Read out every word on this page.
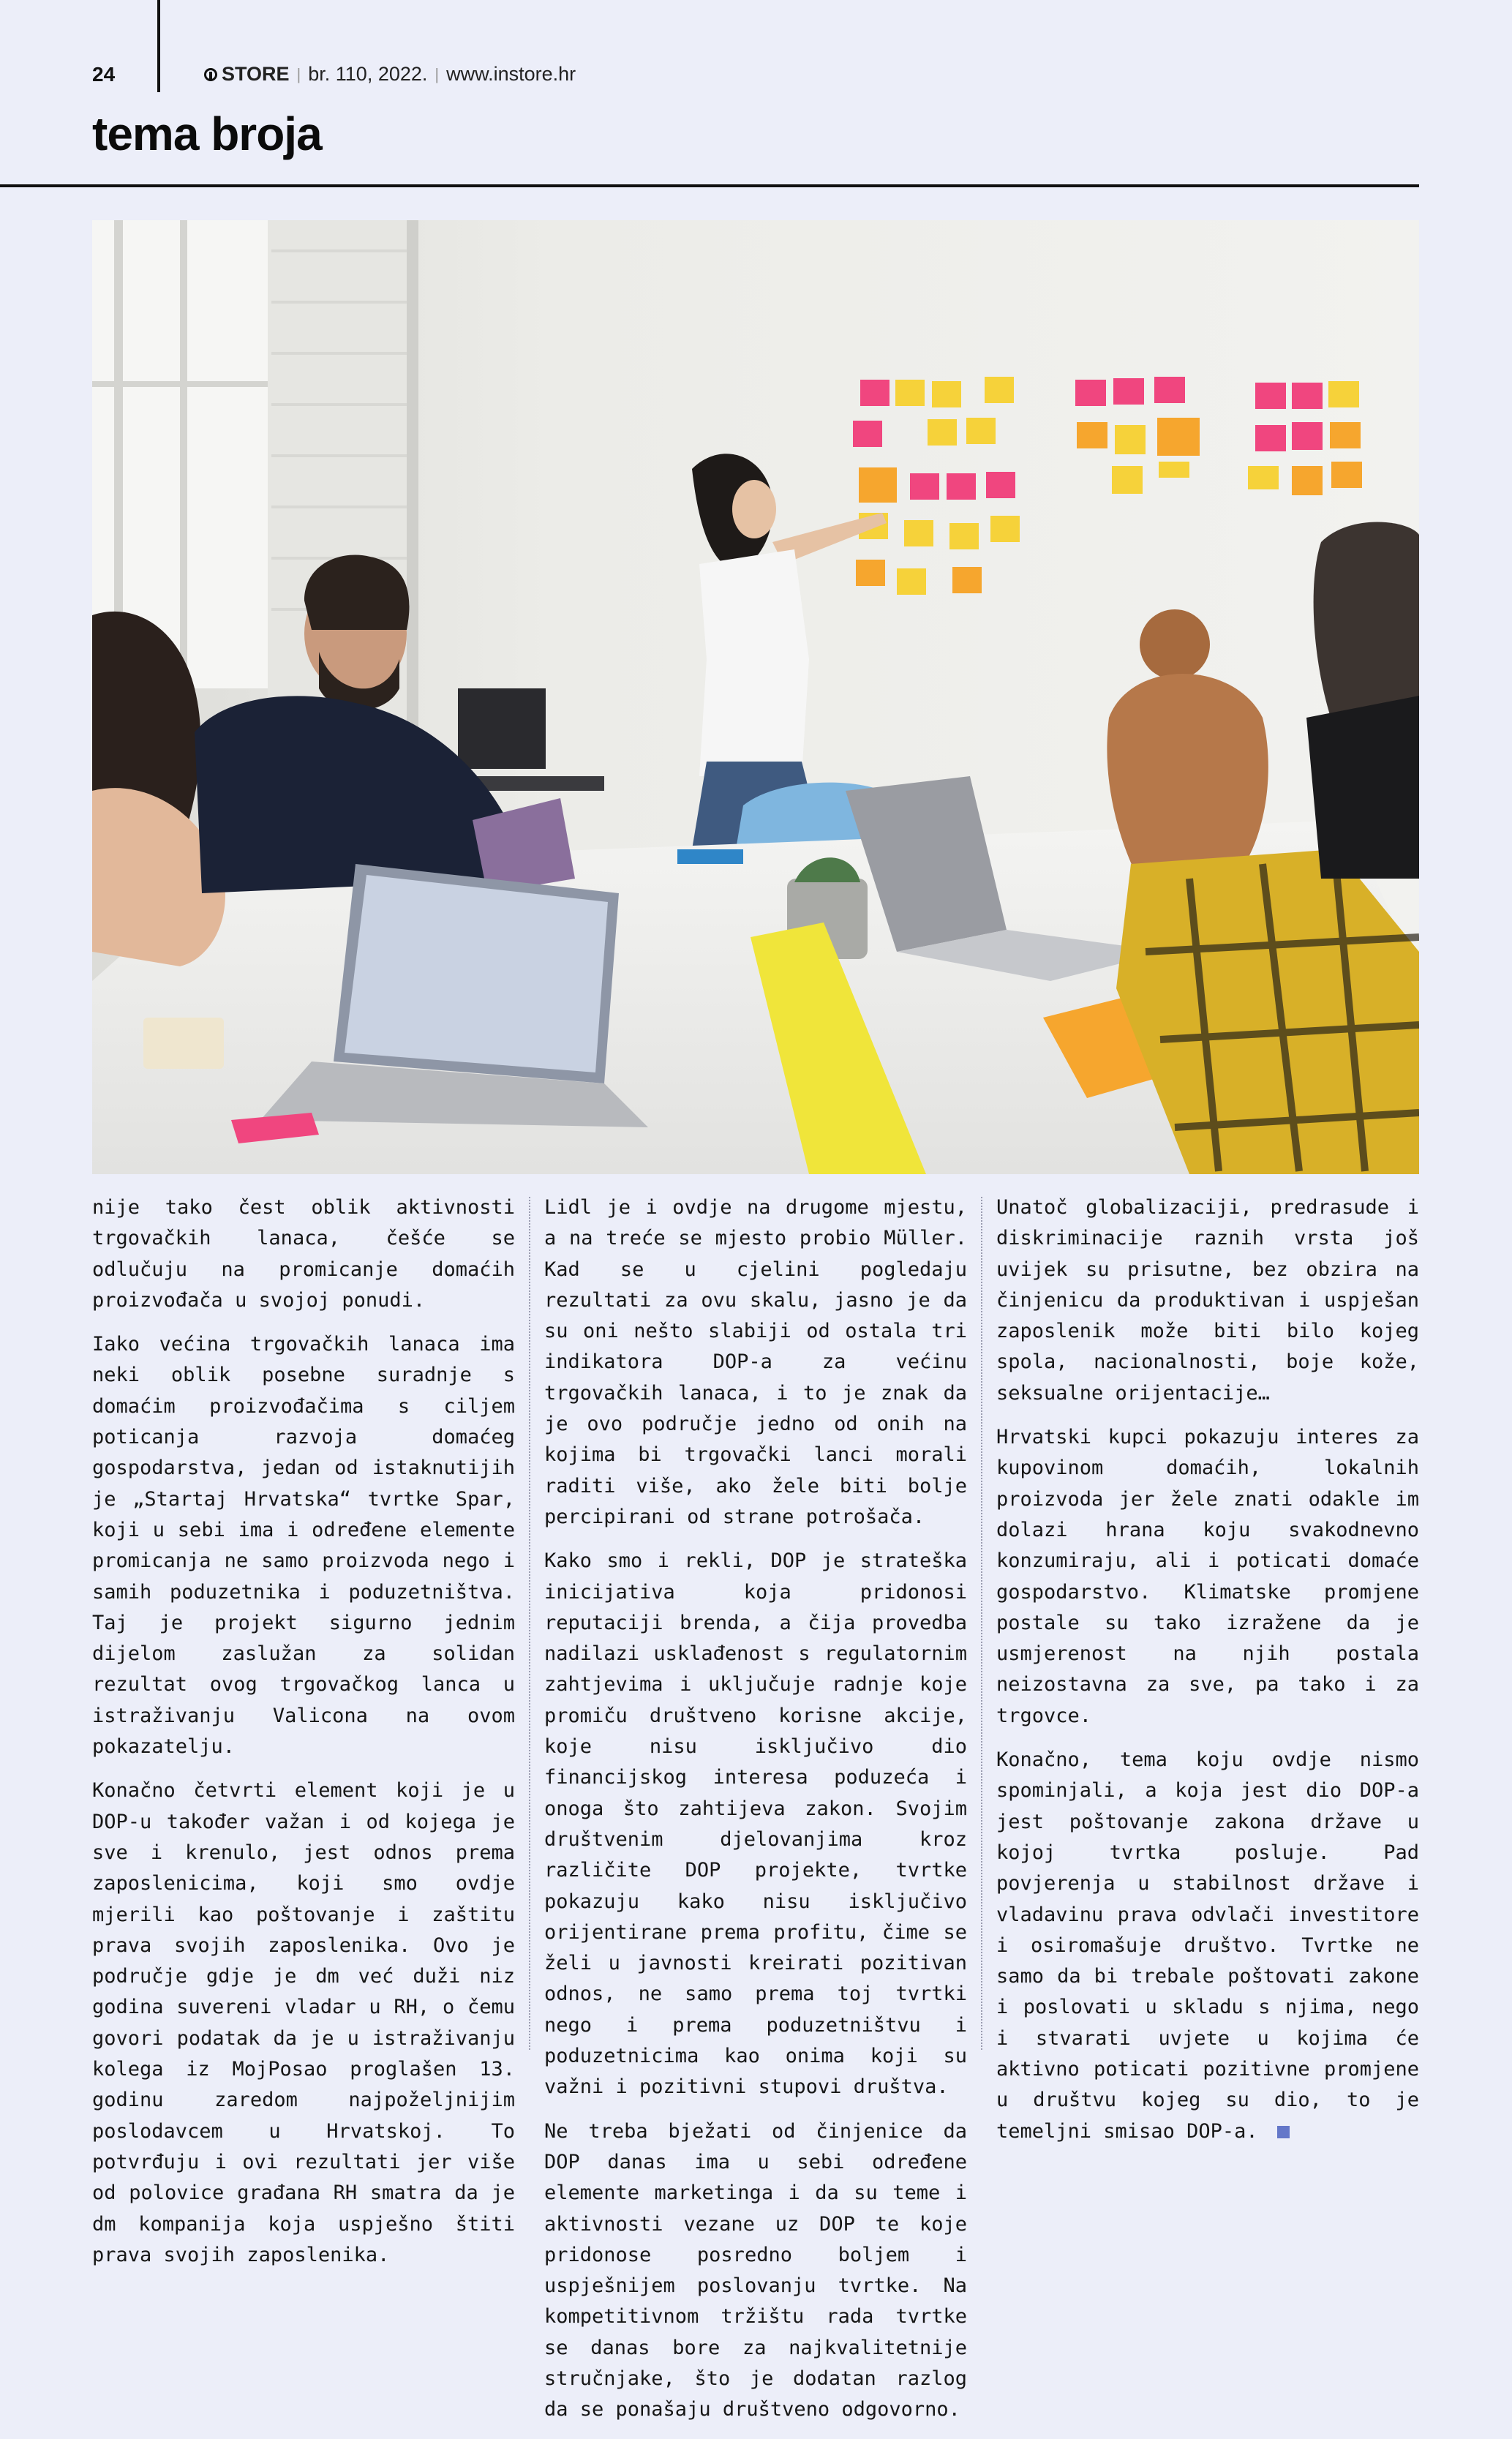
24	STORE | br. 110, 2022. | www.instore.hr
tema broja

nije tako čest oblik aktivnosti trgovačkih lanaca, češće se odlučuju na promicanje domaćih proizvođača u svojoj ponudi.

Iako većina trgovačkih lanaca ima neki oblik posebne suradnje s domaćim proizvođačima s ciljem poticanja razvoja domaćeg gospodarstva, jedan od istaknutijih je „Startaj Hrvatska“ tvrtke Spar, koji u sebi ima i određene elemente promicanja ne samo proizvoda nego i samih poduzetnika i poduzetništva. Taj je projekt sigurno jednim dijelom zaslužan za solidan rezultat ovog trgovačkog lanca u istraživanju Valicona na ovom pokazatelju.

Konačno četvrti element koji je u DOP-u također važan i od kojega je sve i krenulo, jest odnos prema zaposlenicima, koji smo ovdje mjerili kao poštovanje i zaštitu prava svojih zaposlenika. Ovo je područje gdje je dm već duži niz godina suvereni vladar u RH, o čemu govori podatak da je u istraživanju kolega iz MojPosao proglašen 13. godinu zaredom najpoželjnijim poslodavcem u Hrvatskoj. To potvrđuju i ovi rezultati jer više od polovice građana RH smatra da je dm kompanija koja uspješno štiti prava svojih zaposlenika.

Lidl je i ovdje na drugome mjestu, a na treće se mjesto probio Müller. Kad se u cjelini pogledaju rezultati za ovu skalu, jasno je da su oni nešto slabiji od ostala tri indikatora DOP-a za većinu trgovačkih lanaca, i to je znak da je ovo područje jedno od onih na kojima bi trgovački lanci morali raditi više, ako žele biti bolje percipirani od strane potrošača.

Kako smo i rekli, DOP je strateška inicijativa koja pridonosi reputaciji brenda, a čija provedba nadilazi usklađenost s regulatornim zahtjevima i uključuje radnje koje promiču društveno korisne akcije, koje nisu isključivo dio financijskog interesa poduzeća i onoga što zahtijeva zakon. Svojim društvenim djelovanjima kroz različite DOP projekte, tvrtke pokazuju kako nisu isključivo orijentirane prema profitu, čime se želi u javnosti kreirati pozitivan odnos, ne samo prema toj tvrtki nego i prema poduzetništvu i poduzetnicima kao onima koji su važni i pozitivni stupovi društva.

Ne treba bježati od činjenice da DOP danas ima u sebi određene elemente marketinga i da su teme i aktivnosti vezane uz DOP te koje pridonose posredno boljem i uspješnijem poslovanju tvrtke. Na kompetitivnom tržištu rada tvrtke se danas bore za najkvalitetnije stručnjake, što je dodatan razlog da se ponašaju društveno odgovorno.

Unatoč globalizaciji, predrasude i diskriminacije raznih vrsta još uvijek su prisutne, bez obzira na činjenicu da produktivan i uspješan zaposlenik može biti bilo kojeg spola, nacionalnosti, boje kože, seksualne orijentacije…

Hrvatski kupci pokazuju interes za kupovinom domaćih, lokalnih proizvoda jer žele znati odakle im dolazi hrana koju svakodnevno konzumiraju, ali i poticati domaće gospodarstvo. Klimatske promjene postale su tako izražene da je usmjerenost na njih postala neizostavna za sve, pa tako i za trgovce.

Konačno, tema koju ovdje nismo spominjali, a koja jest dio DOP-a jest poštovanje zakona države u kojoj tvrtka posluje. Pad povjerenja u stabilnost države i vladavinu prava odvlači investitore i osiromašuje društvo. Tvrtke ne samo da bi trebale poštovati zakone i poslovati u skladu s njima, nego i stvarati uvjete u kojima će aktivno poticati pozitivne promjene u društvu kojeg su dio, to je temeljni smisao DOP-a.
